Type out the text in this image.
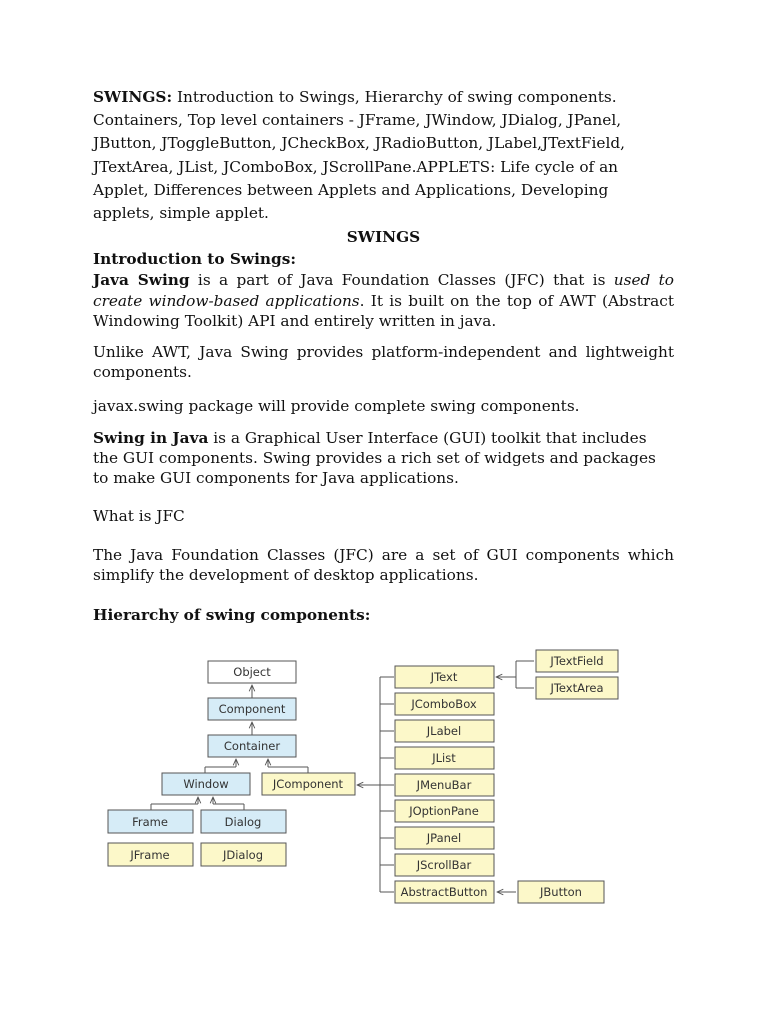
SWINGS: Introduction to Swings, Hierarchy of swing components. Containers, Top level containers - JFrame, JWindow, JDialog, JPanel, JButton, JToggleButton, JCheckBox, JRadioButton, JLabel,JTextField, JTextArea, JList, JComboBox, JScrollPane.APPLETS: Life cycle of an Applet, Differences between Applets and Applications, Developing applets, simple applet.

SWINGS

Introduction to Swings:

Java Swing is a part of Java Foundation Classes (JFC) that is used to create window-based applications. It is built on the top of AWT (Abstract Windowing Toolkit) API and entirely written in java.

Unlike AWT, Java Swing provides platform-independent and lightweight components.

javax.swing package will provide complete swing components.

Swing in Java is a Graphical User Interface (GUI) toolkit that includes the GUI components. Swing provides a rich set of widgets and packages to make GUI components for Java applications.

What is JFC

The Java Foundation Classes (JFC) are a set of GUI components which simplify the development of desktop applications.

Hierarchy of swing components:
Object
Component
Container
Window	JComponent
Frame	Dialog
JFrame	JDialog
JText
JComboBox
JLabel
JList
JMenuBar
JOptionPane
JPanel
JScrollBar
AbstractButton
JTextField
JTextArea
JButton
